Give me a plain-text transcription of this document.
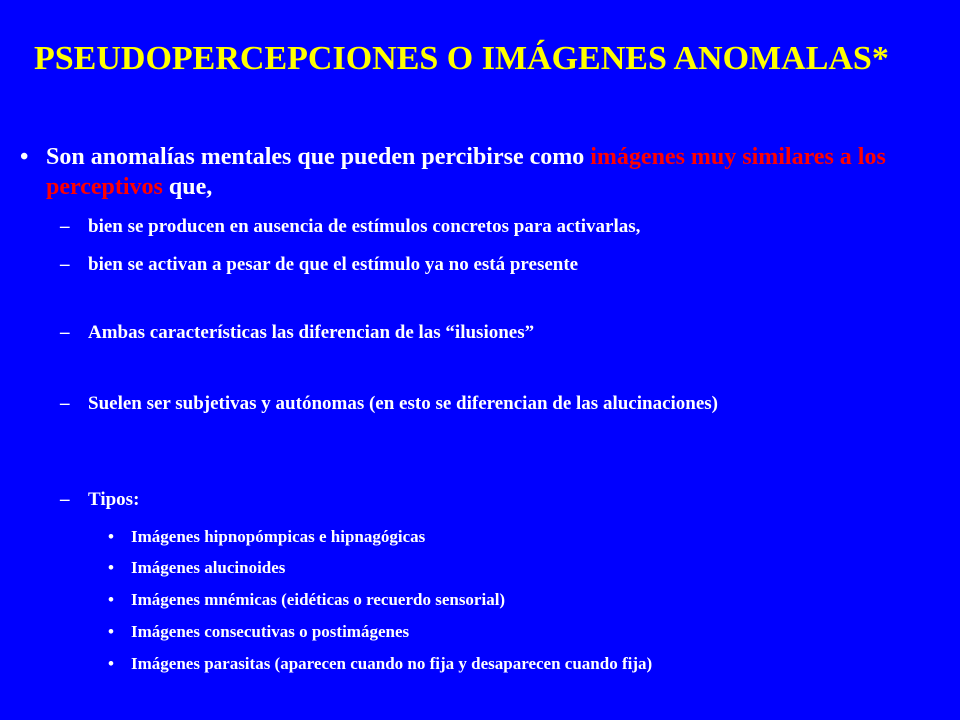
PSEUDOPERCEPCIONES O IMÁGENES ANOMALAS*
• Son anomalías mentales que pueden percibirse como imágenes muy similares a los perceptivos que,
– bien se producen en ausencia de estímulos concretos para activarlas,
– bien se activan a pesar de que el estímulo ya no está presente
– Ambas características las diferencian de las “ilusiones”
– Suelen ser subjetivas y autónomas (en esto se diferencian de las alucinaciones)
– Tipos:
• Imágenes hipnopómpicas e hipnagógicas
• Imágenes alucinoides
• Imágenes mnémicas (eidéticas o recuerdo sensorial)
• Imágenes consecutivas o postimágenes
• Imágenes parasitas (aparecen cuando no fija y desaparecen cuando fija)
